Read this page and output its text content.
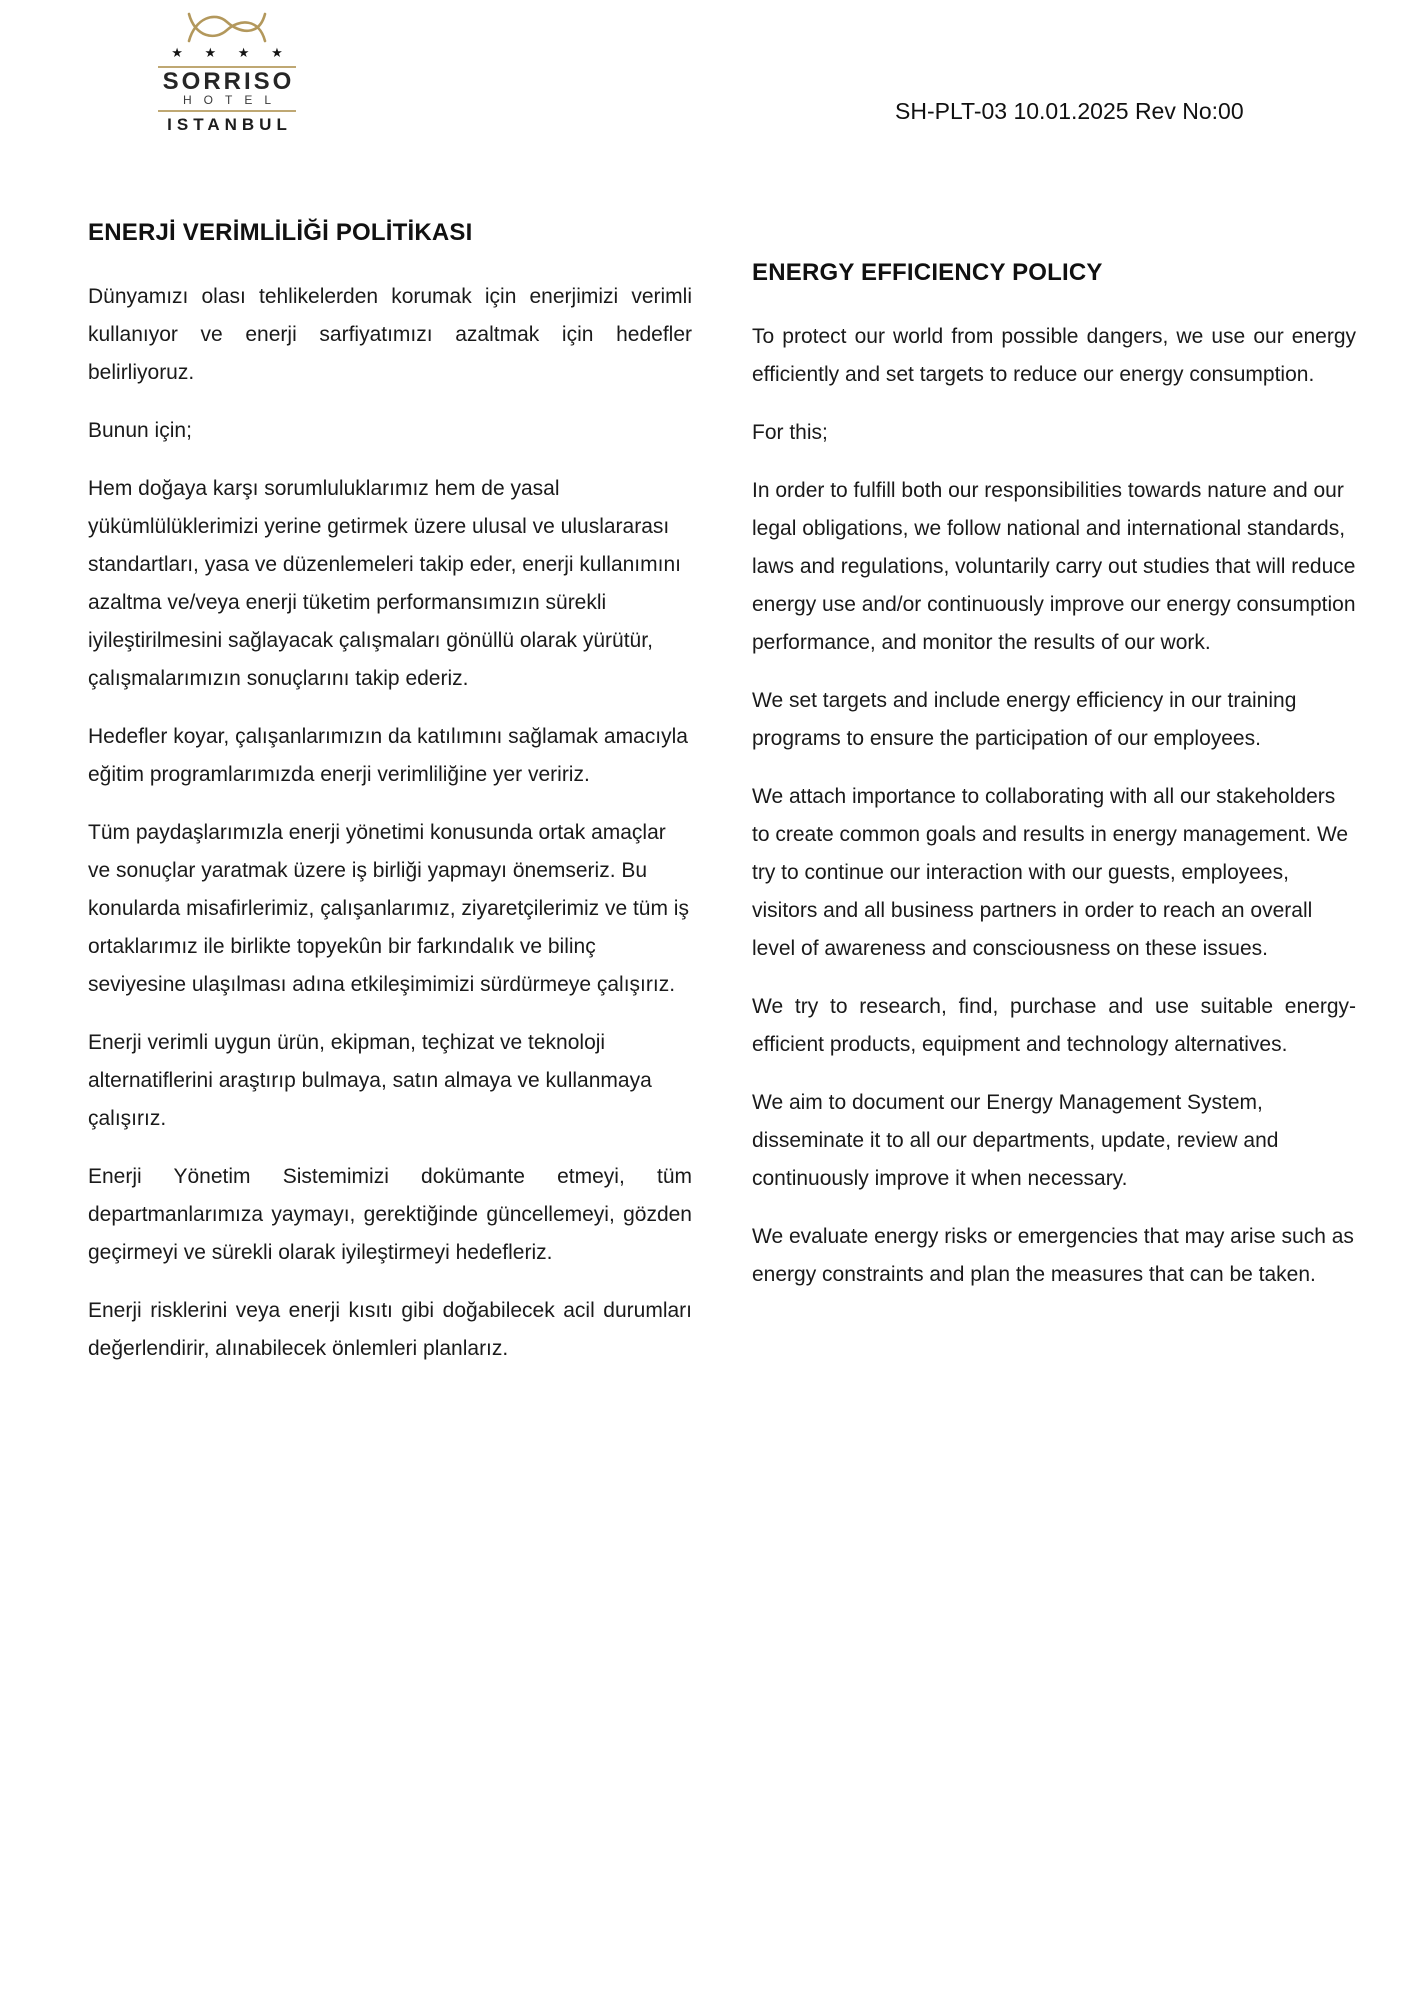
★ ★ ★ ★
SORRISO
HOTEL
ISTANBUL
SH-PLT-03 10.01.2025 Rev No:00
ENERJİ VERİMLİLİĞİ POLİTİKASI

Dünyamızı olası tehlikelerden korumak için enerjimizi verimli kullanıyor ve enerji sarfiyatımızı azaltmak için hedefler belirliyoruz.

Bunun için;

Hem doğaya karşı sorumluluklarımız hem de yasal yükümlülüklerimizi yerine getirmek üzere ulusal ve uluslararası standartları, yasa ve düzenlemeleri takip eder, enerji kullanımını azaltma ve/veya enerji tüketim performansımızın sürekli iyileştirilmesini sağlayacak çalışmaları gönüllü olarak yürütür, çalışmalarımızın sonuçlarını takip ederiz.

Hedefler koyar, çalışanlarımızın da katılımını sağlamak amacıyla eğitim programlarımızda enerji verimliliğine yer veririz.

Tüm paydaşlarımızla enerji yönetimi konusunda ortak amaçlar ve sonuçlar yaratmak üzere iş birliği yapmayı önemseriz. Bu konularda misafirlerimiz, çalışanlarımız, ziyaretçilerimiz ve tüm iş ortaklarımız ile birlikte topyekûn bir farkındalık ve bilinç seviyesine ulaşılması adına etkileşimimizi sürdürmeye çalışırız.

Enerji verimli uygun ürün, ekipman, teçhizat ve teknoloji alternatiflerini araştırıp bulmaya, satın almaya ve kullanmaya çalışırız.

Enerji Yönetim Sistemimizi dokümante etmeyi, tüm departmanlarımıza yaymayı, gerektiğinde güncellemeyi, gözden geçirmeyi ve sürekli olarak iyileştirmeyi hedefleriz.

Enerji risklerini veya enerji kısıtı gibi doğabilecek acil durumları değerlendirir, alınabilecek önlemleri planlarız.

ENERGY EFFICIENCY POLICY

To protect our world from possible dangers, we use our energy efficiently and set targets to reduce our energy consumption.

For this;

In order to fulfill both our responsibilities towards nature and our legal obligations, we follow national and international standards, laws and regulations, voluntarily carry out studies that will reduce energy use and/or continuously improve our energy consumption performance, and monitor the results of our work.

We set targets and include energy efficiency in our training programs to ensure the participation of our employees.

We attach importance to collaborating with all our stakeholders to create common goals and results in energy management. We try to continue our interaction with our guests, employees, visitors and all business partners in order to reach an overall level of awareness and consciousness on these issues.

We try to research, find, purchase and use suitable energy-efficient products, equipment and technology alternatives.

We aim to document our Energy Management System, disseminate it to all our departments, update, review and continuously improve it when necessary.

We evaluate energy risks or emergencies that may arise such as energy constraints and plan the measures that can be taken.
